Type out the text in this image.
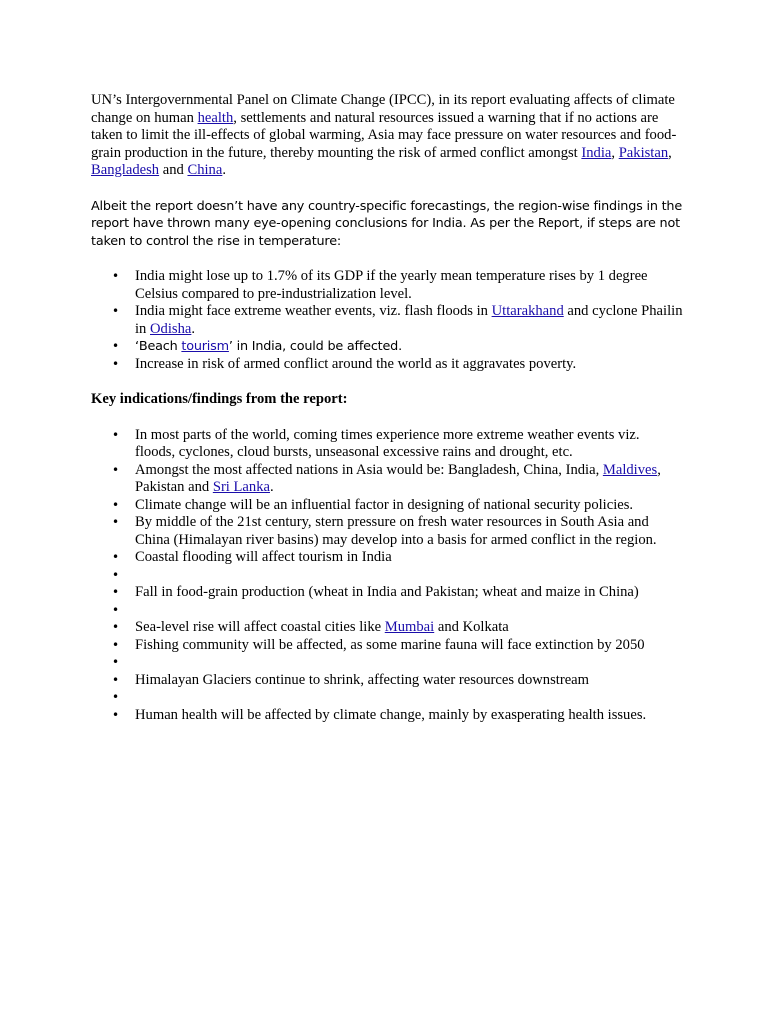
UN’s Intergovernmental Panel on Climate Change (IPCC), in its report evaluating affects of climate change on human health, settlements and natural resources issued a warning that if no actions are taken to limit the ill-effects of global warming, Asia may face pressure on water resources and food-grain production in the future, thereby mounting the risk of armed conflict amongst India, Pakistan, Bangladesh and China.

Albeit the report doesn’t have any country-specific forecastings, the region-wise findings in the report have thrown many eye-opening conclusions for India. As per the Report, if steps are not taken to control the rise in temperature:

• India might lose up to 1.7% of its GDP if the yearly mean temperature rises by 1 degree Celsius compared to pre-industrialization level.
• India might face extreme weather events, viz. flash floods in Uttarakhand and cyclone Phailin in Odisha.
• ‘Beach tourism’ in India, could be affected.
• Increase in risk of armed conflict around the world as it aggravates poverty.
Key indications/findings from the report:
• In most parts of the world, coming times experience more extreme weather events viz. floods, cyclones, cloud bursts, unseasonal excessive rains and drought, etc.
• Amongst the most affected nations in Asia would be: Bangladesh, China, India, Maldives, Pakistan and Sri Lanka.
• Climate change will be an influential factor in designing of national security policies.
• By middle of the 21st century, stern pressure on fresh water resources in South Asia and China (Himalayan river basins) may develop into a basis for armed conflict in the region.
• Coastal flooding will affect tourism in India
•
• Fall in food-grain production (wheat in India and Pakistan; wheat and maize in China)
•
• Sea-level rise will affect coastal cities like Mumbai and Kolkata
• Fishing community will be affected, as some marine fauna will face extinction by 2050
•
• Himalayan Glaciers continue to shrink, affecting water resources downstream
•
• Human health will be affected by climate change, mainly by exasperating health issues.
